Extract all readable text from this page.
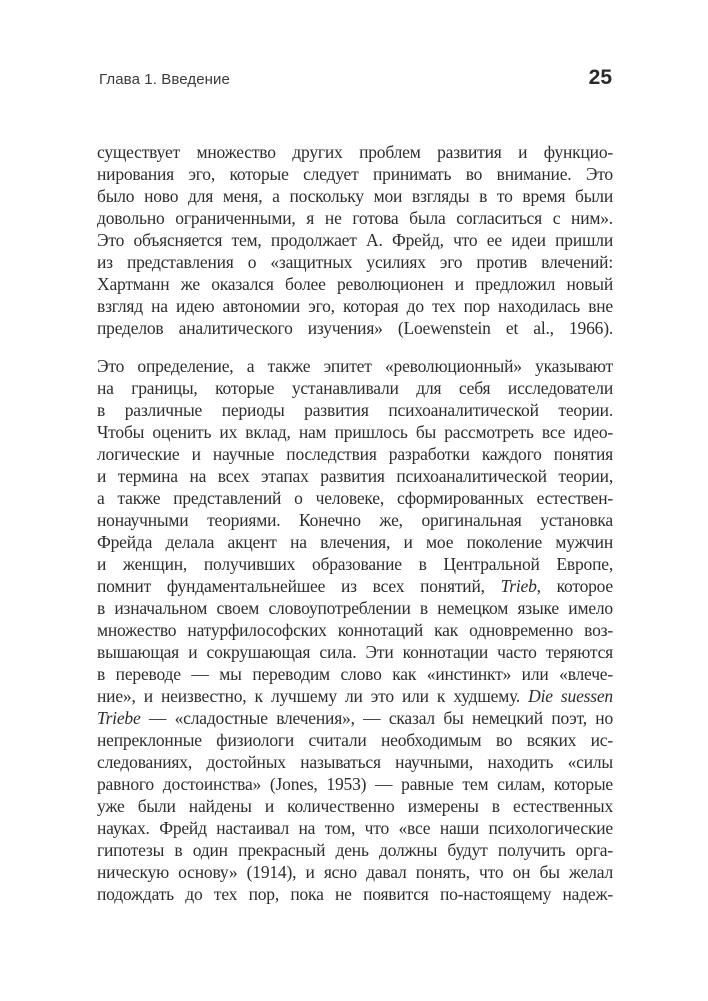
Глава 1. Введение	25
существует множество других проблем развития и функцио-
нирования эго, которые следует принимать во внимание. Это
было ново для меня, а поскольку мои взгляды в то время были
довольно ограниченными, я не готова была согласиться с ним».
Это объясняется тем, продолжает А. Фрейд, что ее идеи пришли
из представления о «защитных усилиях эго против влечений:
Хартманн же оказался более революционен и предложил новый
взгляд на идею автономии эго, которая до тех пор находилась вне
пределов аналитического изучения» (Loewenstein et al., 1966).
Это определение, а также эпитет «революционный» указывают
на границы, которые устанавливали для себя исследователи
в различные периоды развития психоаналитической теории.
Чтобы оценить их вклад, нам пришлось бы рассмотреть все идео-
логические и научные последствия разработки каждого понятия
и термина на всех этапах развития психоаналитической теории,
а также представлений о человеке, сформированных естествен-
нонаучными теориями. Конечно же, оригинальная установка
Фрейда делала акцент на влечения, и мое поколение мужчин
и женщин, получивших образование в Центральной Европе,
помнит фундаментальнейшее из всех понятий, Trieb, которое
в изначальном своем словоупотреблении в немецком языке имело
множество натурфилософских коннотаций как одновременно воз-
вышающая и сокрушающая сила. Эти коннотации часто теряются
в переводе — мы переводим слово как «инстинкт» или «влече-
ние», и неизвестно, к лучшему ли это или к худшему. Die suessen
Triebe — «сладостные влечения», — сказал бы немецкий поэт, но
непреклонные физиологи считали необходимым во всяких ис-
следованиях, достойных называться научными, находить «силы
равного достоинства» (Jones, 1953) — равные тем силам, которые
уже были найдены и количественно измерены в естественных
науках. Фрейд настаивал на том, что «все наши психологические
гипотезы в один прекрасный день должны будут получить орга-
ническую основу» (1914), и ясно давал понять, что он бы желал
подождать до тех пор, пока не появится по-настоящему надеж-
